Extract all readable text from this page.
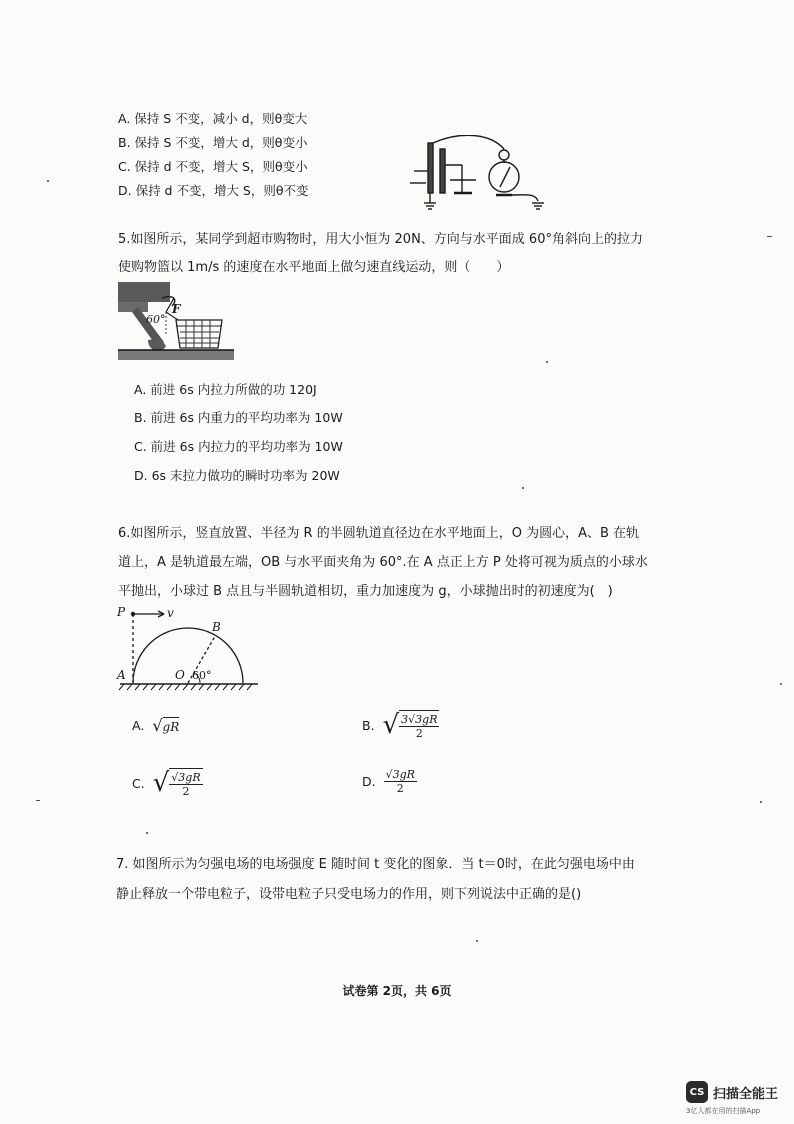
A. 保持 S 不变，减小 d，则θ变大
B. 保持 S 不变，增大 d，则θ变小
C. 保持 d 不变，增大 S，则θ变小
D. 保持 d 不变，增大 S，则θ不变
5.如图所示，某同学到超市购物时，用大小恒为 20N、方向与水平面成 60°角斜向上的拉力
使购物篮以 1m/s 的速度在水平地面上做匀速直线运动，则（　　）
60°
F
A. 前进 6s 内拉力所做的功 120J
B. 前进 6s 内重力的平均功率为 10W
C. 前进 6s 内拉力的平均功率为 10W
D. 6s 末拉力做功的瞬时功率为 20W
6.如图所示，竖直放置、半径为 R 的半圆轨道直径边在水平地面上，O 为圆心，A、B 在轨
道上，A 是轨道最左端，OB 与水平面夹角为 60°.在 A 点正上方 P 处将可视为质点的小球水
平抛出，小球过 B 点且与半圆轨道相切，重力加速度为 g，小球抛出时的初速度为(　)
P	v
A
B
O 60°
A. √ gR	B. √ $\frac{3√3gR}{2}$
C. √ $\frac{√3gR}{2}$	D. $\frac{√3gR}{2}$
7. 如图所示为匀强电场的电场强度 E 随时间 t 变化的图象．当 t＝0时，在此匀强电场中由
静止释放一个带电粒子，设带电粒子只受电场力的作用，则下列说法中正确的是()
试卷第 2页，共 6页
CS 扫描全能王
3亿人都在用的扫描App
